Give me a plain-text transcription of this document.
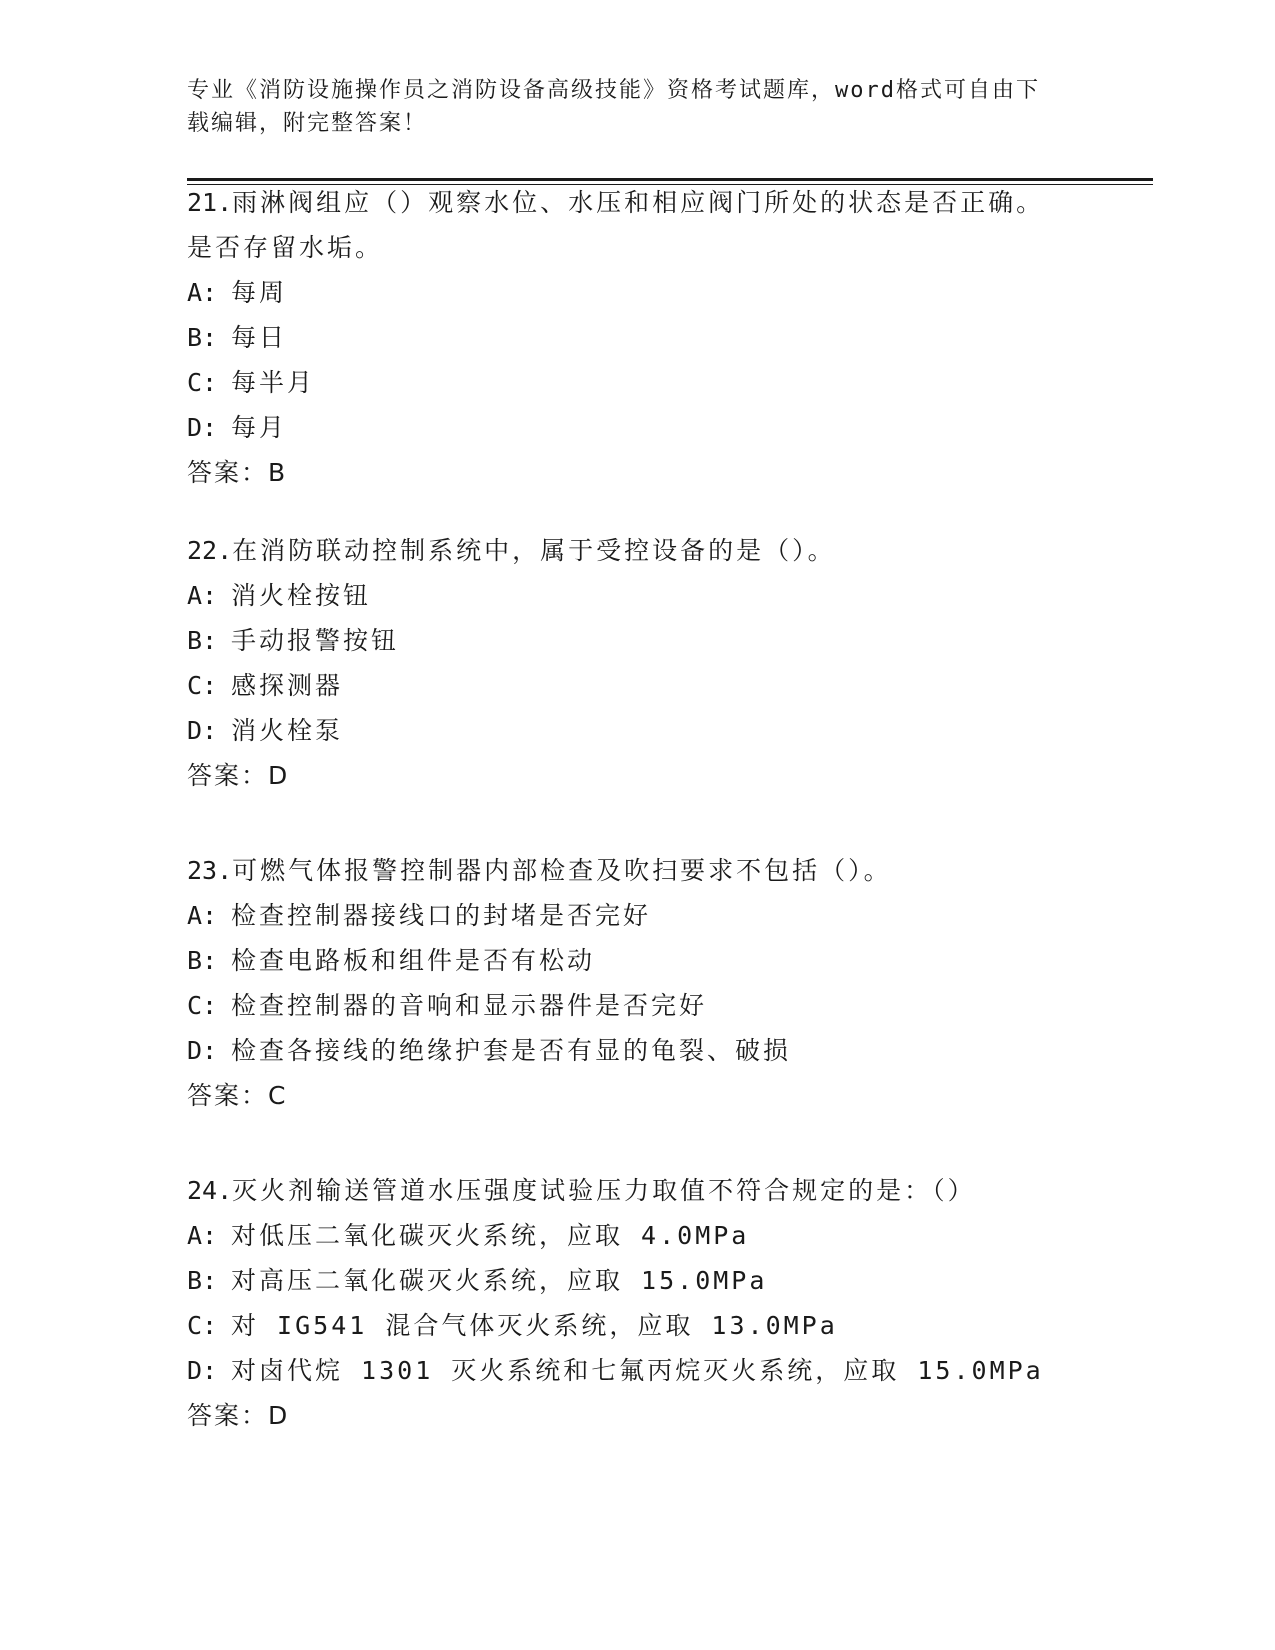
专业《消防设施操作员之消防设备高级技能》资格考试题库，word格式可自由下
载编辑，附完整答案！
21.雨淋阀组应（）观察水位、水压和相应阀门所处的状态是否正确。
是否存留水垢。
A: 每周
B: 每日
C: 每半月
D: 每月
答案：B
22.在消防联动控制系统中，属于受控设备的是（）。
A: 消火栓按钮
B: 手动报警按钮
C: 感探测器
D: 消火栓泵
答案：D
23.可燃气体报警控制器内部检查及吹扫要求不包括（）。
A: 检查控制器接线口的封堵是否完好
B: 检查电路板和组件是否有松动
C: 检查控制器的音响和显示器件是否完好
D: 检查各接线的绝缘护套是否有显的龟裂、破损
答案：C
24.灭火剂输送管道水压强度试验压力取值不符合规定的是：（）
A: 对低压二氧化碳灭火系统，应取 4.0MPa
B: 对高压二氧化碳灭火系统，应取 15.0MPa
C: 对 IG541 混合气体灭火系统，应取 13.0MPa
D: 对卤代烷 1301 灭火系统和七氟丙烷灭火系统，应取 15.0MPa
答案：D
